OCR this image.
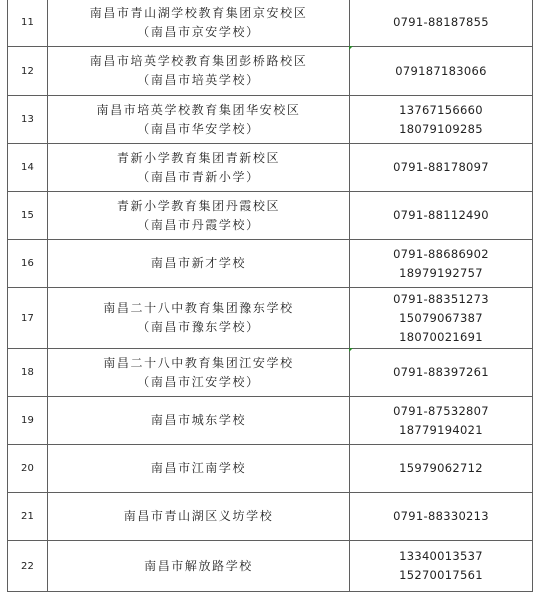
11	南昌市青山湖学校教育集团京安校区
（南昌市京安学校）	0791-88187855

12	南昌市培英学校教育集团彭桥路校区
（南昌市培英学校）	079187183066

13	南昌市培英学校教育集团华安校区
（南昌市华安学校）	13767156660
18079109285

14	青新小学教育集团青新校区
（南昌市青新小学）	0791-88178097

15	青新小学教育集团丹霞校区
（南昌市丹霞学校）	0791-88112490

16	南昌市新才学校	0791-88686902
18979192757

17	南昌二十八中教育集团豫东学校
（南昌市豫东学校）	0791-88351273
15079067387
18070021691

18	南昌二十八中教育集团江安学校
（南昌市江安学校）	0791-88397261

19	南昌市城东学校	0791-87532807
18779194021

20	南昌市江南学校	15979062712

21	南昌市青山湖区义坊学校	0791-88330213

22	南昌市解放路学校	13340013537
15270017561
